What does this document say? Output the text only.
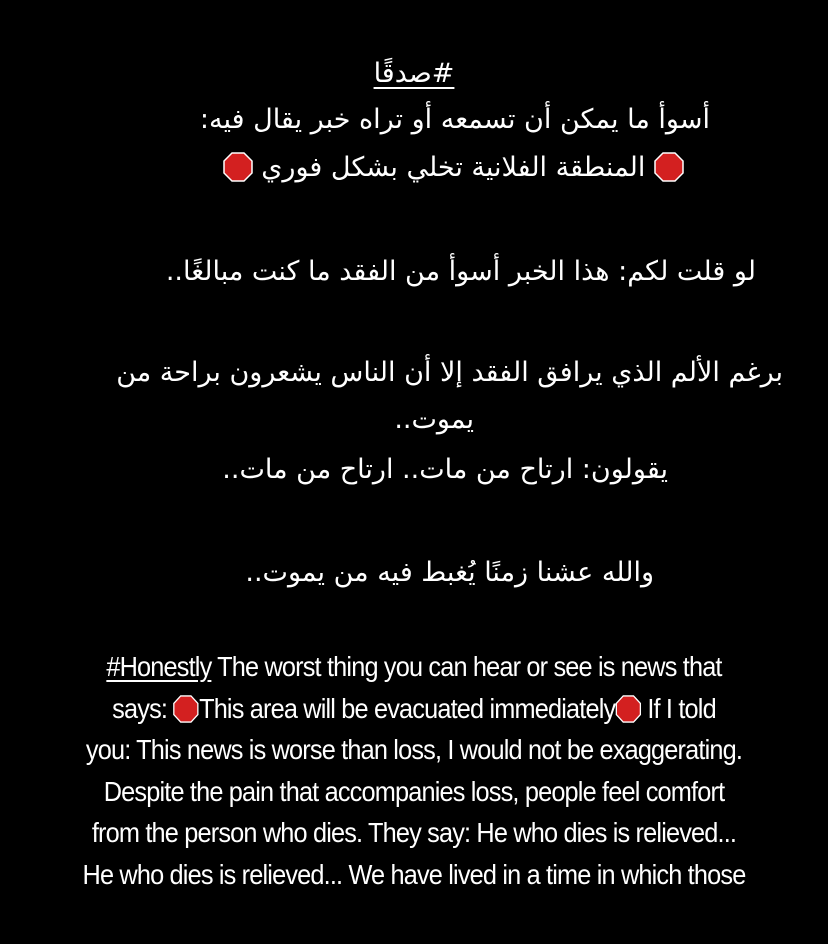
#صدقًا
أسوأ ما يمكن أن تسمعه أو تراه خبر يقال فيه:
المنطقة الفلانية تخلي بشكل فوري
لو قلت لكم: هذا الخبر أسوأ من الفقد ما كنت مبالغًا..
برغم الألم الذي يرافق الفقد إلا أن الناس يشعرون براحة من
يموت..
يقولون: ارتاح من مات.. ارتاح من مات..
والله عشنا زمنًا يُغبط فيه من يموت..
#Honestly The worst thing you can hear or see is news that
says: This area will be evacuated immediately If I told
you: This news is worse than loss, I would not be exaggerating.
Despite the pain that accompanies loss, people feel comfort
from the person who dies. They say: He who dies is relieved...
He who dies is relieved... We have lived in a time in which those
